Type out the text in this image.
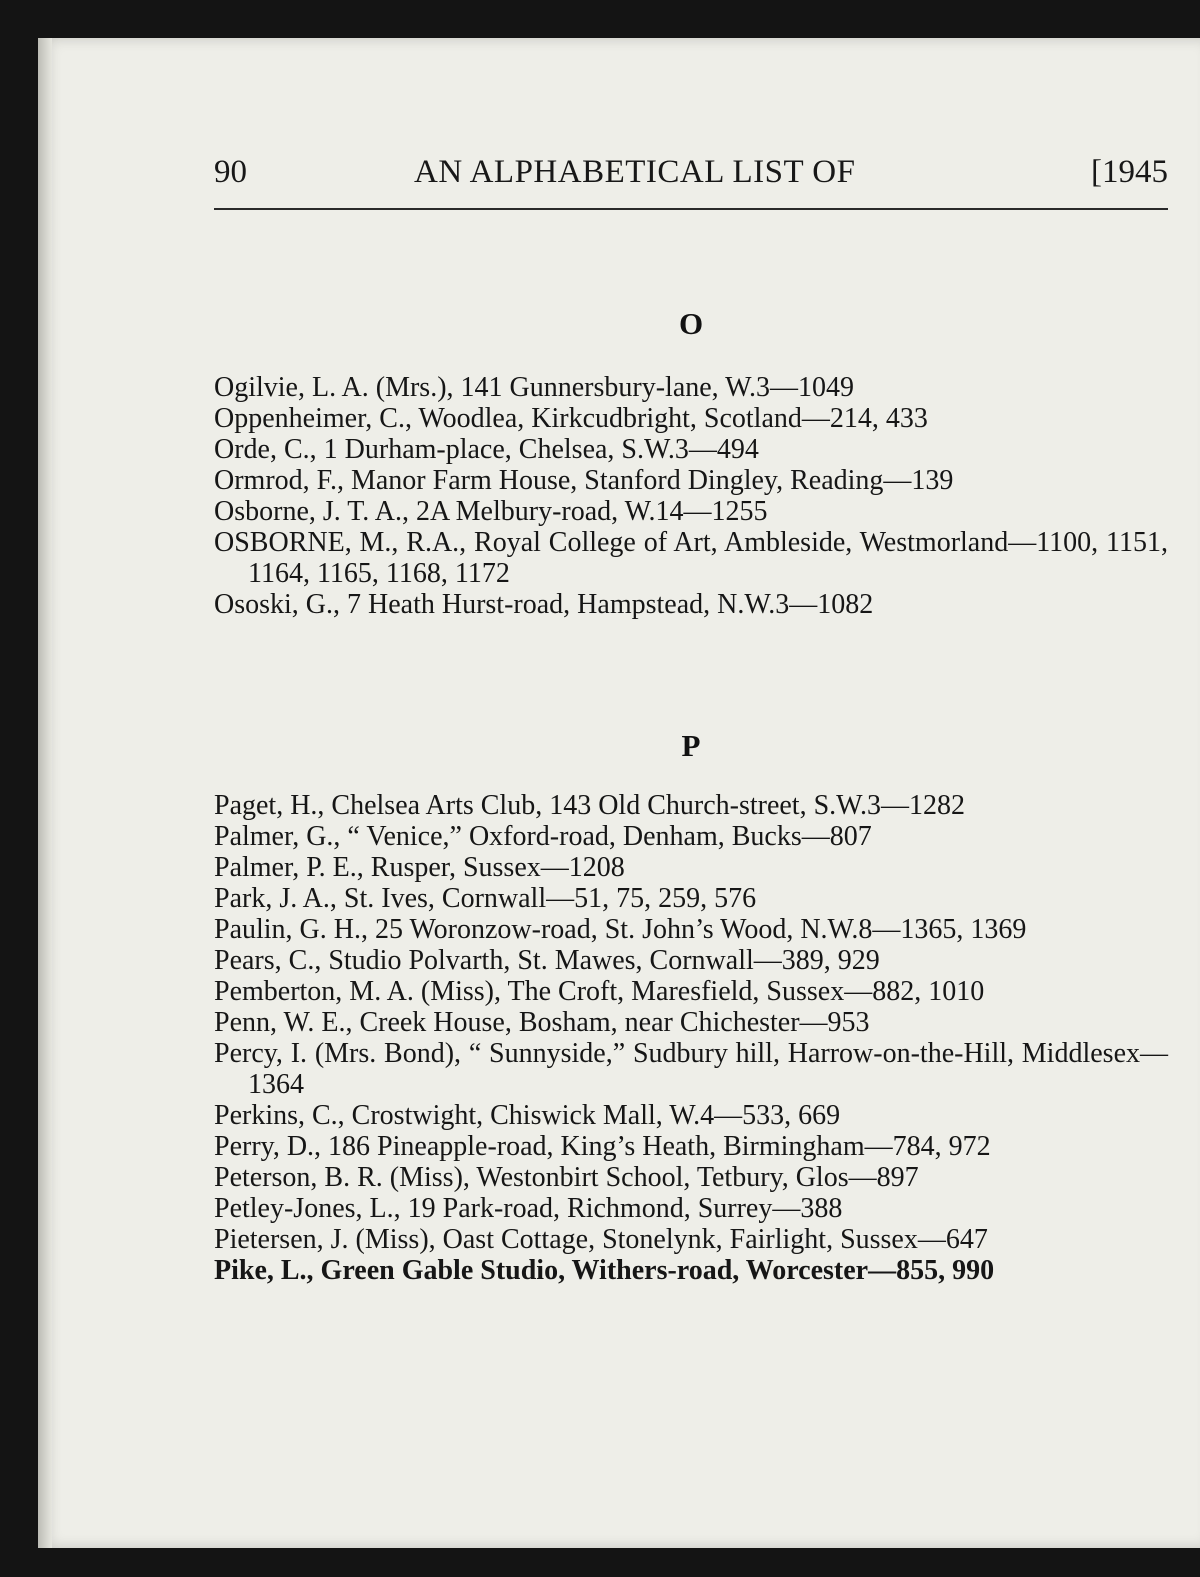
90	AN ALPHABETICAL LIST OF	[1945
O
Ogilvie, L. A. (Mrs.), 141 Gunnersbury-lane, W.3—1049
Oppenheimer, C., Woodlea, Kirkcudbright, Scotland—214, 433
Orde, C., 1 Durham-place, Chelsea, S.W.3—494
Ormrod, F., Manor Farm House, Stanford Dingley, Reading—139
Osborne, J. T. A., 2A Melbury-road, W.14—1255
OSBORNE, M., R.A., Royal College of Art, Ambleside, Westmorland—1100, 1151, 1164, 1165, 1168, 1172
Ososki, G., 7 Heath Hurst-road, Hampstead, N.W.3—1082
P
Paget, H., Chelsea Arts Club, 143 Old Church-street, S.W.3—1282
Palmer, G., “ Venice,” Oxford-road, Denham, Bucks—807
Palmer, P. E., Rusper, Sussex—1208
Park, J. A., St. Ives, Cornwall—51, 75, 259, 576
Paulin, G. H., 25 Woronzow-road, St. John’s Wood, N.W.8—1365, 1369
Pears, C., Studio Polvarth, St. Mawes, Cornwall—389, 929
Pemberton, M. A. (Miss), The Croft, Maresfield, Sussex—882, 1010
Penn, W. E., Creek House, Bosham, near Chichester—953
Percy, I. (Mrs. Bond), “ Sunnyside,” Sudbury hill, Harrow-on-the-Hill, Middlesex—1364
Perkins, C., Crostwight, Chiswick Mall, W.4—533, 669
Perry, D., 186 Pineapple-road, King’s Heath, Birmingham—784, 972
Peterson, B. R. (Miss), Westonbirt School, Tetbury, Glos—897
Petley-Jones, L., 19 Park-road, Richmond, Surrey—388
Pietersen, J. (Miss), Oast Cottage, Stonelynk, Fairlight, Sussex—647
Pike, L., Green Gable Studio, Withers-road, Worcester—855, 990
